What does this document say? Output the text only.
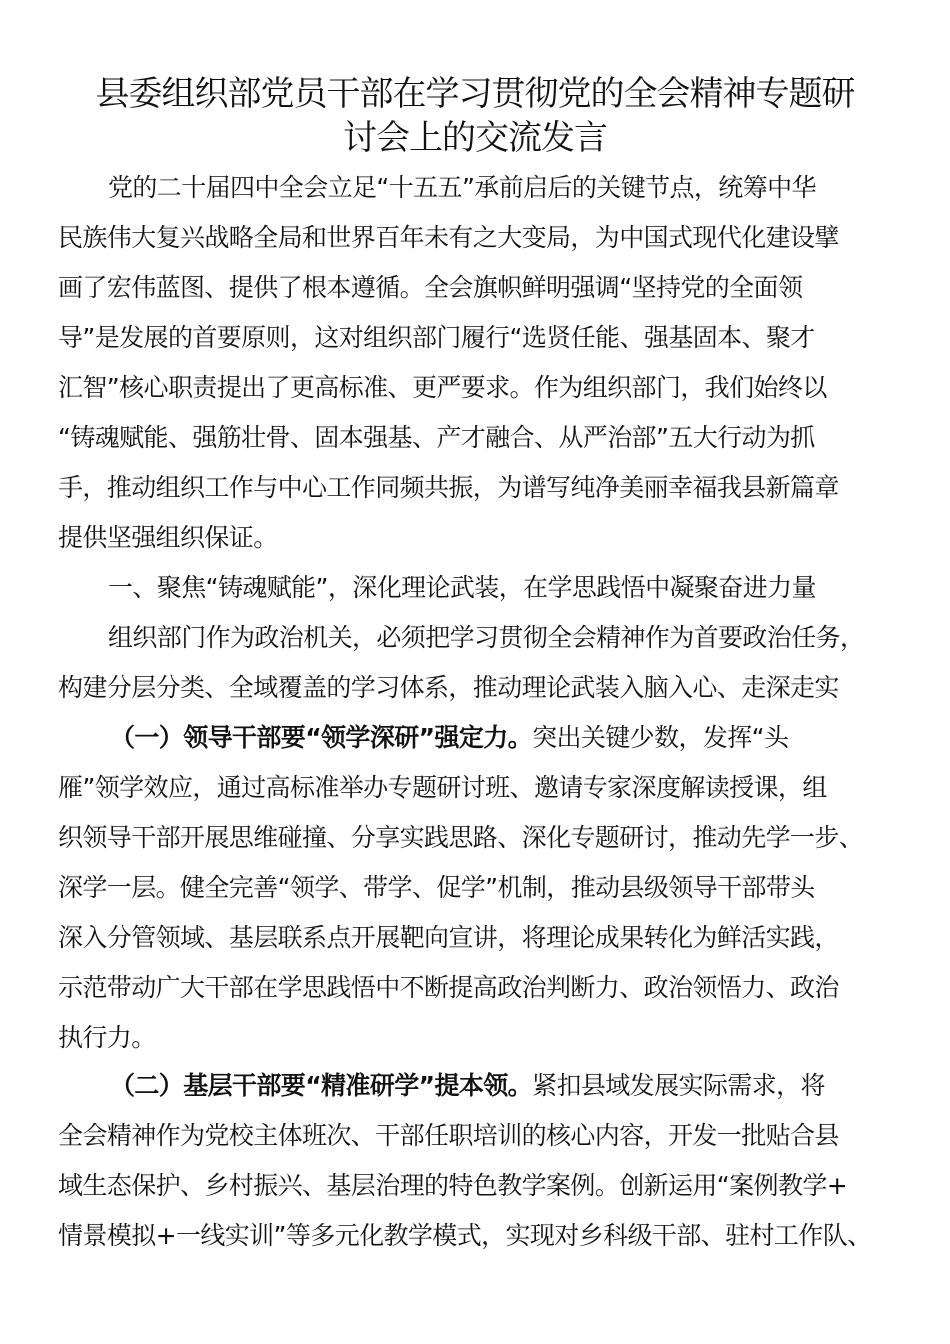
县委组织部党员干部在学习贯彻党的全会精神专题研
讨会上的交流发言
党的二十届四中全会立足“十五五”承前启后的关键节点，统筹中华
民族伟大复兴战略全局和世界百年未有之大变局，为中国式现代化建设擘
画了宏伟蓝图、提供了根本遵循。全会旗帜鲜明强调“坚持党的全面领
导”是发展的首要原则，这对组织部门履行“选贤任能、强基固本、聚才
汇智”核心职责提出了更高标准、更严要求。作为组织部门，我们始终以
“铸魂赋能、强筋壮骨、固本强基、产才融合、从严治部”五大行动为抓
手，推动组织工作与中心工作同频共振，为谱写纯净美丽幸福我县新篇章
提供坚强组织保证。
一、聚焦“铸魂赋能”，深化理论武装，在学思践悟中凝聚奋进力量
组织部门作为政治机关，必须把学习贯彻全会精神作为首要政治任务，
构建分层分类、全域覆盖的学习体系，推动理论武装入脑入心、走深走实
（一）领导干部要“领学深研”强定力。突出关键少数，发挥“头
雁”领学效应，通过高标准举办专题研讨班、邀请专家深度解读授课，组
织领导干部开展思维碰撞、分享实践思路、深化专题研讨，推动先学一步、
深学一层。健全完善“领学、带学、促学”机制，推动县级领导干部带头
深入分管领域、基层联系点开展靶向宣讲，将理论成果转化为鲜活实践，
示范带动广大干部在学思践悟中不断提高政治判断力、政治领悟力、政治
执行力。
（二）基层干部要“精准研学”提本领。紧扣县域发展实际需求，将
全会精神作为党校主体班次、干部任职培训的核心内容，开发一批贴合县
域生态保护、乡村振兴、基层治理的特色教学案例。创新运用“案例教学+
情景模拟+一线实训”等多元化教学模式，实现对乡科级干部、驻村工作队、
